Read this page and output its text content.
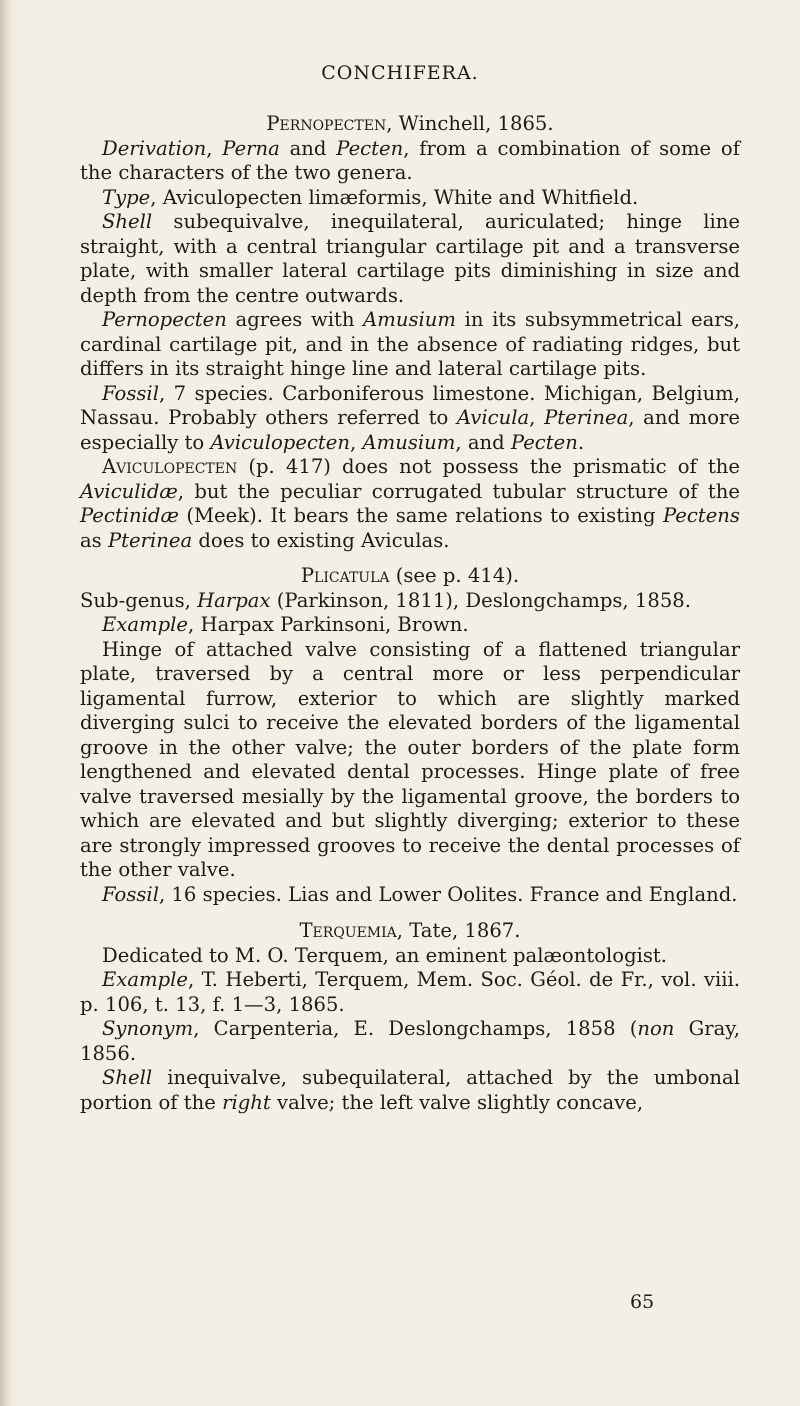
CONCHIFERA.

Pernopecten, Winchell, 1865.

Derivation, Perna and Pecten, from a combination of some of the characters of the two genera.

Type, Aviculopecten limæformis, White and Whitfield.

Shell subequivalve, inequilateral, auriculated; hinge line straight, with a central triangular cartilage pit and a transverse plate, with smaller lateral cartilage pits diminishing in size and depth from the centre outwards.

Pernopecten agrees with Amusium in its subsymmetrical ears, cardinal cartilage pit, and in the absence of radiating ridges, but differs in its straight hinge line and lateral cartilage pits.

Fossil, 7 species. Carboniferous limestone. Michigan, Belgium, Nassau. Probably others referred to Avicula, Pterinea, and more especially to Aviculopecten, Amusium, and Pecten.

Aviculopecten (p. 417) does not possess the prismatic of the Aviculidæ, but the peculiar corrugated tubular structure of the Pectinidæ (Meek). It bears the same relations to existing Pectens as Pterinea does to existing Aviculas.

Plicatula (see p. 414).

Sub-genus, Harpax (Parkinson, 1811), Deslongchamps, 1858.

Example, Harpax Parkinsoni, Brown.

Hinge of attached valve consisting of a flattened triangular plate, traversed by a central more or less perpendicular ligamental furrow, exterior to which are slightly marked diverging sulci to receive the elevated borders of the ligamental groove in the other valve; the outer borders of the plate form lengthened and elevated dental processes. Hinge plate of free valve traversed mesially by the ligamental groove, the borders to which are elevated and but slightly diverging; exterior to these are strongly impressed grooves to receive the dental processes of the other valve.

Fossil, 16 species. Lias and Lower Oolites. France and England.

Terquemia, Tate, 1867.

Dedicated to M. O. Terquem, an eminent palæontologist.

Example, T. Heberti, Terquem, Mem. Soc. Géol. de Fr., vol. viii. p. 106, t. 13, f. 1—3, 1865.

Synonym, Carpenteria, E. Deslongchamps, 1858 (non Gray, 1856.

Shell inequivalve, subequilateral, attached by the umbonal portion of the right valve; the left valve slightly concave,

65
